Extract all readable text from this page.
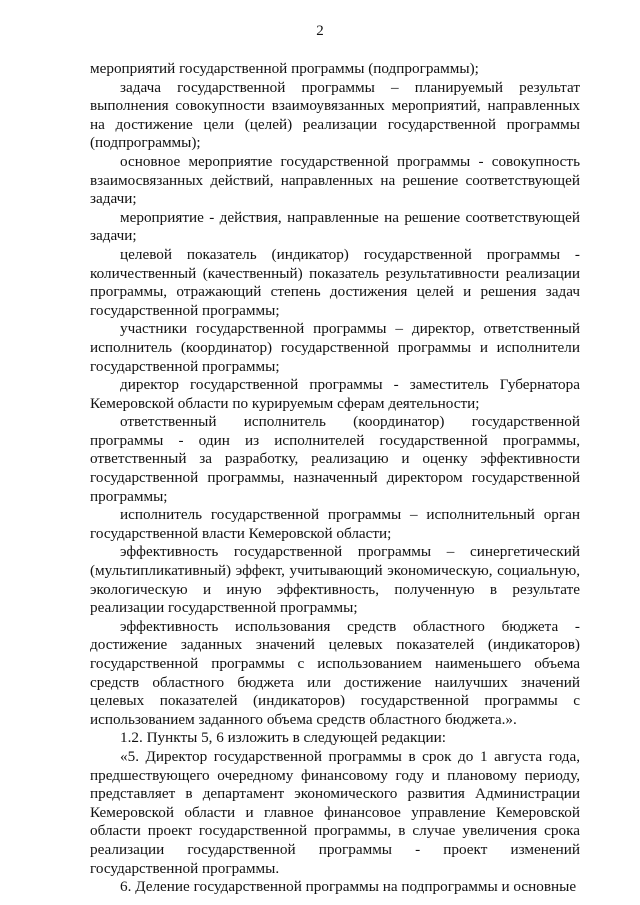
2

мероприятий государственной программы (подпрограммы);

задача государственной программы – планируемый результат выполнения совокупности взаимоувязанных мероприятий, направленных на достижение цели (целей) реализации государственной программы (подпрограммы);

основное мероприятие государственной программы - совокупность взаимосвязанных действий, направленных на решение соответствующей задачи;

мероприятие - действия, направленные на решение соответствующей задачи;

целевой показатель (индикатор) государственной программы - количественный (качественный) показатель результативности реализации программы, отражающий степень достижения целей и решения задач государственной программы;

участники государственной программы – директор, ответственный исполнитель (координатор) государственной программы и исполнители государственной программы;

директор государственной программы - заместитель Губернатора Кемеровской области по курируемым сферам деятельности;

ответственный исполнитель (координатор) государственной программы - один из исполнителей государственной программы, ответственный за разработку, реализацию и оценку эффективности государственной программы, назначенный директором государственной программы;

исполнитель государственной программы – исполнительный орган государственной власти Кемеровской области;

эффективность государственной программы – синергетический (мультипликативный) эффект, учитывающий экономическую, социальную, экологическую и иную эффективность, полученную в результате реализации государственной программы;

эффективность использования средств областного бюджета - достижение заданных значений целевых показателей (индикаторов) государственной программы с использованием наименьшего объема средств областного бюджета или достижение наилучших значений целевых показателей (индикаторов) государственной программы с использованием заданного объема средств областного бюджета.».

1.2. Пункты 5, 6 изложить в следующей редакции:

«5. Директор государственной программы в срок до 1 августа года, предшествующего очередному финансовому году и плановому периоду, представляет в департамент экономического развития Администрации Кемеровской области и главное финансовое управление Кемеровской области проект государственной программы, в случае увеличения срока реализации государственной программы - проект изменений государственной программы.

6. Деление государственной программы на подпрограммы и основные
